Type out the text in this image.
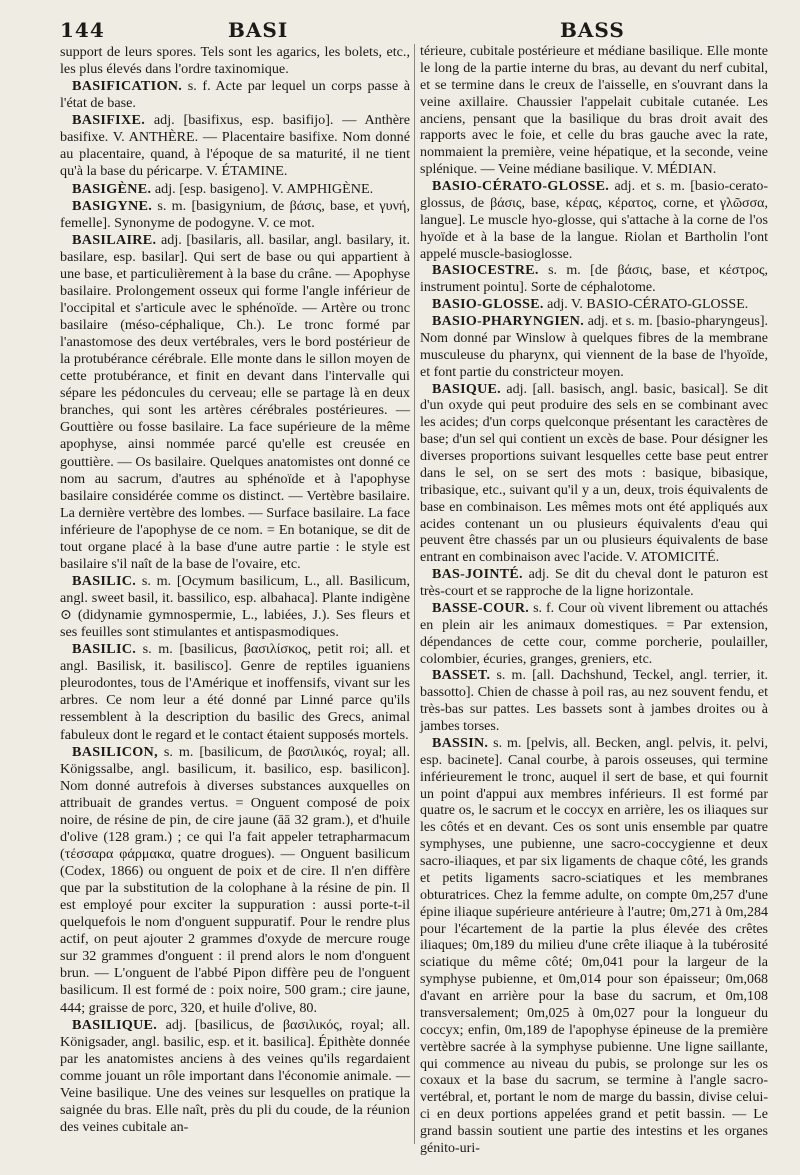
144	BASI	BASS

support de leurs spores. Tels sont les agarics, les bolets, etc., les plus élevés dans l'ordre taxinomique.

BASIFICATION. s. f. Acte par lequel un corps passe à l'état de base.

BASIFIXE. adj. [basifixus, esp. basifijo]. — Anthère basifixe. V. ANTHÈRE. — Placentaire basifixe. Nom donné au placentaire, quand, à l'époque de sa maturité, il ne tient qu'à la base du péricarpe. V. ÉTAMINE.

BASIGÈNE. adj. [esp. basigeno]. V. AMPHIGÈNE.

BASIGYNE. s. m. [basigynium, de βάσις, base, et γυνή, femelle]. Synonyme de podogyne. V. ce mot.

BASILAIRE. adj. [basilaris, all. basilar, angl. basilary, it. basilare, esp. basilar]. Qui sert de base ou qui appartient à une base, et particulièrement à la base du crâne. — Apophyse basilaire. Prolongement osseux qui forme l'angle inférieur de l'occipital et s'articule avec le sphénoïde. — Artère ou tronc basilaire (méso-céphalique, Ch.). Le tronc formé par l'anastomose des deux vertébrales, vers le bord postérieur de la protubérance cérébrale. Elle monte dans le sillon moyen de cette protubérance, et finit en devant dans l'intervalle qui sépare les pédoncules du cerveau; elle se partage là en deux branches, qui sont les artères cérébrales postérieures. — Gouttière ou fosse basilaire. La face supérieure de la même apophyse, ainsi nommée parcé qu'elle est creusée en gouttière. — Os basilaire. Quelques anatomistes ont donné ce nom au sacrum, d'autres au sphénoïde et à l'apophyse basilaire considérée comme os distinct. — Vertèbre basilaire. La dernière vertèbre des lombes. — Surface basilaire. La face inférieure de l'apophyse de ce nom. = En botanique, se dit de tout organe placé à la base d'une autre partie : le style est basilaire s'il naît de la base de l'ovaire, etc.

BASILIC. s. m. [Ocymum basilicum, L., all. Basilicum, angl. sweet basil, it. bassilico, esp. albahaca]. Plante indigène ⊙ (didynamie gymnospermie, L., labiées, J.). Ses fleurs et ses feuilles sont stimulantes et antispasmodiques.

BASILIC. s. m. [basilicus, βασιλίσκος, petit roi; all. et angl. Basilisk, it. basilisco]. Genre de reptiles iguaniens pleurodontes, tous de l'Amérique et inoffensifs, vivant sur les arbres. Ce nom leur a été donné par Linné parce qu'ils ressemblent à la description du basilic des Grecs, animal fabuleux dont le regard et le contact étaient supposés mortels.

BASILICON, s. m. [basilicum, de βασιλικός, royal; all. Königssalbe, angl. basilicum, it. basilico, esp. basilicon]. Nom donné autrefois à diverses substances auxquelles on attribuait de grandes vertus. = Onguent composé de poix noire, de résine de pin, de cire jaune (āā 32 gram.), et d'huile d'olive (128 gram.) ; ce qui l'a fait appeler tetrapharmacum (τέσσαρα φάρμακα, quatre drogues). — Onguent basilicum (Codex, 1866) ou onguent de poix et de cire. Il n'en diffère que par la substitution de la colophane à la résine de pin. Il est employé pour exciter la suppuration : aussi porte-t-il quelquefois le nom d'onguent suppuratif. Pour le rendre plus actif, on peut ajouter 2 grammes d'oxyde de mercure rouge sur 32 grammes d'onguent : il prend alors le nom d'onguent brun. — L'onguent de l'abbé Pipon diffère peu de l'onguent basilicum. Il est formé de : poix noire, 500 gram.; cire jaune, 444; graisse de porc, 320, et huile d'olive, 80.

BASILIQUE. adj. [basilicus, de βασιλικός, royal; all. Königsader, angl. basilic, esp. et it. basilica]. Épithète donnée par les anatomistes anciens à des veines qu'ils regardaient comme jouant un rôle important dans l'économie animale. — Veine basilique. Une des veines sur lesquelles on pratique la saignée du bras. Elle naît, près du pli du coude, de la réunion des veines cubitale an-

térieure, cubitale postérieure et médiane basilique. Elle monte le long de la partie interne du bras, au devant du nerf cubital, et se termine dans le creux de l'aisselle, en s'ouvrant dans la veine axillaire. Chaussier l'appelait cubitale cutanée. Les anciens, pensant que la basilique du bras droit avait des rapports avec le foie, et celle du bras gauche avec la rate, nommaient la première, veine hépatique, et la seconde, veine splénique. — Veine médiane basilique. V. MÉDIAN.

BASIO-CÉRATO-GLOSSE. adj. et s. m. [basio-cerato-glossus, de βάσις, base, κέρας, κέρατος, corne, et γλῶσσα, langue]. Le muscle hyo-glosse, qui s'attache à la corne de l'os hyoïde et à la base de la langue. Riolan et Bartholin l'ont appelé muscle-basioglosse.

BASIOCESTRE. s. m. [de βάσις, base, et κέστρος, instrument pointu]. Sorte de céphalotome.

BASIO-GLOSSE. adj. V. BASIO-CÉRATO-GLOSSE.

BASIO-PHARYNGIEN. adj. et s. m. [basio-pharyngeus]. Nom donné par Winslow à quelques fibres de la membrane musculeuse du pharynx, qui viennent de la base de l'hyoïde, et font partie du constricteur moyen.

BASIQUE. adj. [all. basisch, angl. basic, basical]. Se dit d'un oxyde qui peut produire des sels en se combinant avec les acides; d'un corps quelconque présentant les caractères de base; d'un sel qui contient un excès de base. Pour désigner les diverses proportions suivant lesquelles cette base peut entrer dans le sel, on se sert des mots : basique, bibasique, tribasique, etc., suivant qu'il y a un, deux, trois équivalents de base en combinaison. Les mêmes mots ont été appliqués aux acides contenant un ou plusieurs équivalents d'eau qui peuvent être chassés par un ou plusieurs équivalents de base entrant en combinaison avec l'acide. V. ATOMICITÉ.

BAS-JOINTÉ. adj. Se dit du cheval dont le paturon est très-court et se rapproche de la ligne horizontale.

BASSE-COUR. s. f. Cour où vivent librement ou attachés en plein air les animaux domestiques. = Par extension, dépendances de cette cour, comme porcherie, poulailler, colombier, écuries, granges, greniers, etc.

BASSET. s. m. [all. Dachshund, Teckel, angl. terrier, it. bassotto]. Chien de chasse à poil ras, au nez souvent fendu, et très-bas sur pattes. Les bassets sont à jambes droites ou à jambes torses.

BASSIN. s. m. [pelvis, all. Becken, angl. pelvis, it. pelvi, esp. bacinete]. Canal courbe, à parois osseuses, qui termine inférieurement le tronc, auquel il sert de base, et qui fournit un point d'appui aux membres inférieurs. Il est formé par quatre os, le sacrum et le coccyx en arrière, les os iliaques sur les côtés et en devant. Ces os sont unis ensemble par quatre symphyses, une pubienne, une sacro-coccygienne et deux sacro-iliaques, et par six ligaments de chaque côté, les grands et petits ligaments sacro-sciatiques et les membranes obturatrices. Chez la femme adulte, on compte 0m,257 d'une épine iliaque supérieure antérieure à l'autre; 0m,271 à 0m,284 pour l'écartement de la partie la plus élevée des crêtes iliaques; 0m,189 du milieu d'une crête iliaque à la tubérosité sciatique du même côté; 0m,041 pour la largeur de la symphyse pubienne, et 0m,014 pour son épaisseur; 0m,068 d'avant en arrière pour la base du sacrum, et 0m,108 transversalement; 0m,025 à 0m,027 pour la longueur du coccyx; enfin, 0m,189 de l'apophyse épineuse de la première vertèbre sacrée à la symphyse pubienne. Une ligne saillante, qui commence au niveau du pubis, se prolonge sur les os coxaux et la base du sacrum, se termine à l'angle sacro-vertébral, et, portant le nom de marge du bassin, divise celui-ci en deux portions appelées grand et petit bassin. — Le grand bassin soutient une partie des intestins et les organes génito-uri-
